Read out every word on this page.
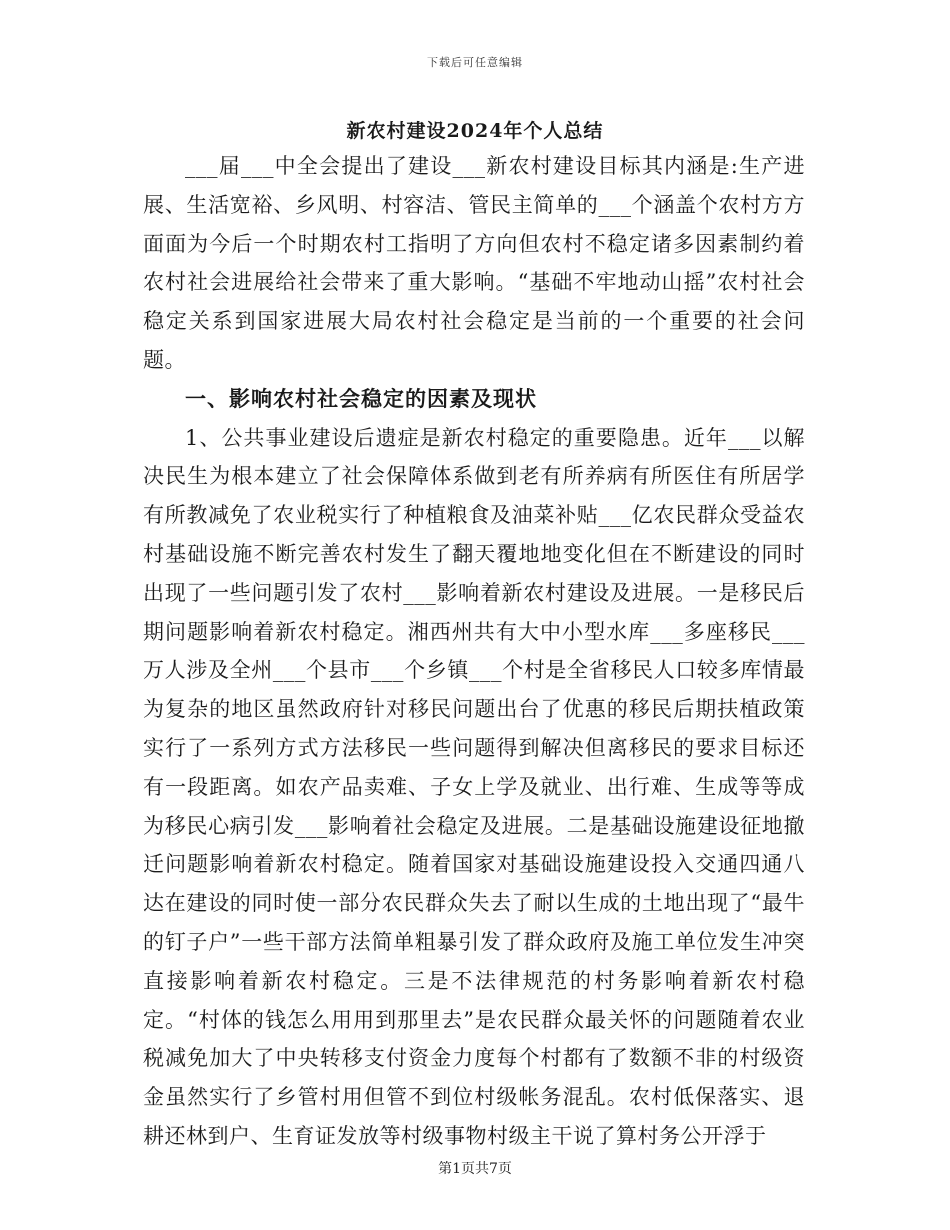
下载后可任意编辑
新农村建设2024年个人总结

___届___中全会提出了建设___新农村建设目标其内涵是:生产进展、生活宽裕、乡风明、村容洁、管民主简单的___个涵盖个农村方方面面为今后一个时期农村工指明了方向但农村不稳定诸多因素制约着农村社会进展给社会带来了重大影响。“基础不牢地动山摇”农村社会稳定关系到国家进展大局农村社会稳定是当前的一个重要的社会问题。

一、影响农村社会稳定的因素及现状

1、公共事业建设后遗症是新农村稳定的重要隐患。近年___以解决民生为根本建立了社会保障体系做到老有所养病有所医住有所居学有所教减免了农业税实行了种植粮食及油菜补贴___亿农民群众受益农村基础设施不断完善农村发生了翻天覆地地变化但在不断建设的同时出现了一些问题引发了农村___影响着新农村建设及进展。一是移民后期问题影响着新农村稳定。湘西州共有大中小型水库___多座移民___万人涉及全州___个县市___个乡镇___个村是全省移民人口较多库情最为复杂的地区虽然政府针对移民问题出台了优惠的移民后期扶植政策实行了一系列方式方法移民一些问题得到解决但离移民的要求目标还有一段距离。如农产品卖难、子女上学及就业、出行难、生成等等成为移民心病引发___影响着社会稳定及进展。二是基础设施建设征地撤迁问题影响着新农村稳定。随着国家对基础设施建设投入交通四通八达在建设的同时使一部分农民群众失去了耐以生成的土地出现了“最牛的钉子户”一些干部方法简单粗暴引发了群众政府及施工单位发生冲突直接影响着新农村稳定。三是不法律规范的村务影响着新农村稳定。“村体的钱怎么用用到那里去”是农民群众最关怀的问题随着农业税减免加大了中央转移支付资金力度每个村都有了数额不非的村级资金虽然实行了乡管村用但管不到位村级帐务混乱。农村低保落实、退耕还林到户、生育证发放等村级事物村级主干说了算村务公开浮于

第1页共7页
